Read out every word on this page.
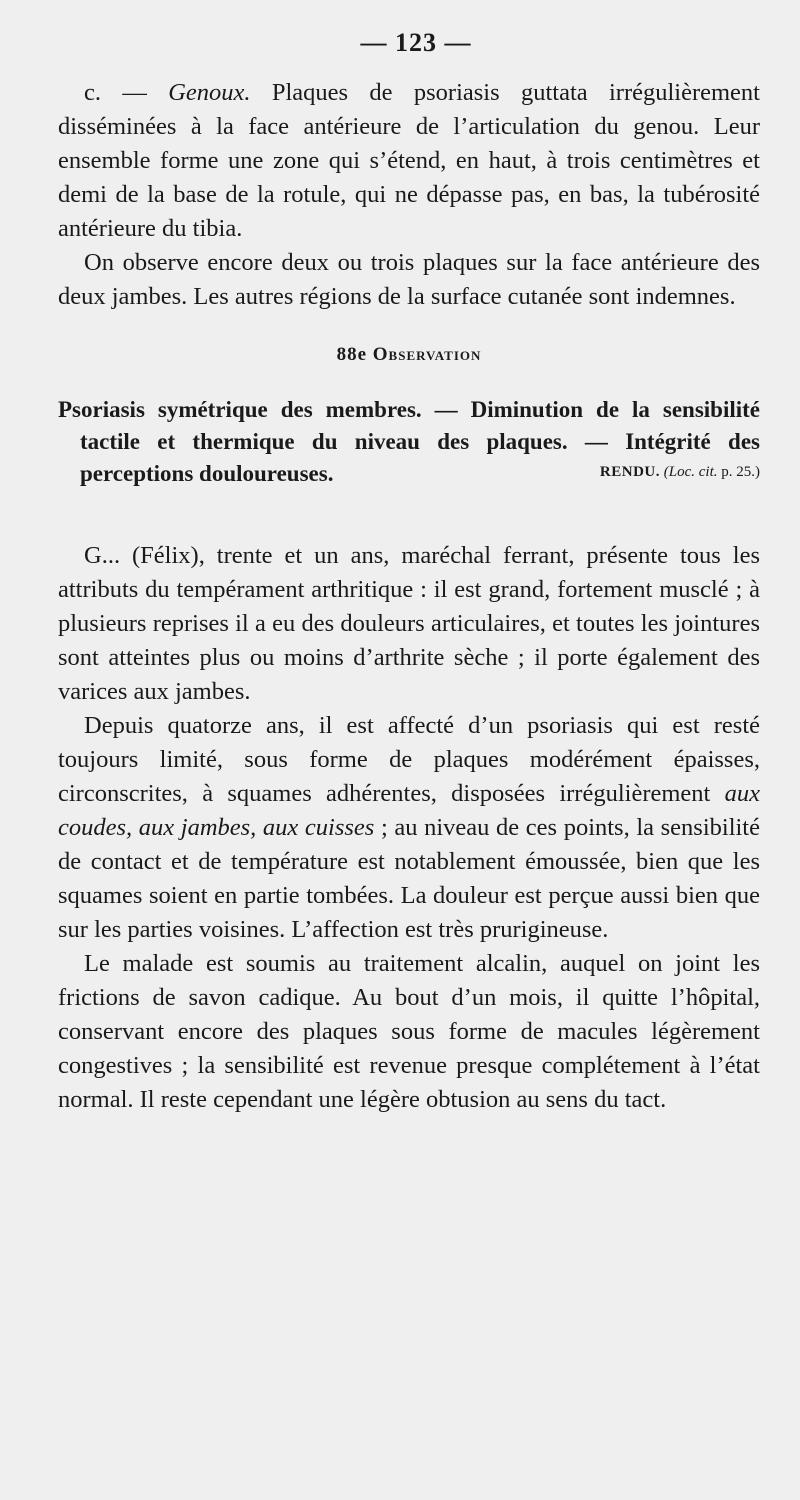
— 123 —

c. — Genoux. Plaques de psoriasis guttata irrégulièrement disséminées à la face antérieure de l’articulation du genou. Leur ensemble forme une zone qui s’étend, en haut, à trois centimètres et demi de la base de la rotule, qui ne dépasse pas, en bas, la tubérosité antérieure du tibia.

On observe encore deux ou trois plaques sur la face antérieure des deux jambes. Les autres régions de la surface cutanée sont indemnes.

88e Observation

Psoriasis symétrique des membres. — Diminution de la sensibilité tactile et thermique du niveau des plaques. — Intégrité des perceptions douloureuses.	RENDU. (Loc. cit. p. 25.)

G... (Félix), trente et un ans, maréchal ferrant, présente tous les attributs du tempérament arthritique : il est grand, fortement musclé ; à plusieurs reprises il a eu des douleurs articulaires, et toutes les jointures sont atteintes plus ou moins d’arthrite sèche ; il porte également des varices aux jambes.

Depuis quatorze ans, il est affecté d’un psoriasis qui est resté toujours limité, sous forme de plaques modérément épaisses, circonscrites, à squames adhérentes, disposées irrégulièrement aux coudes, aux jambes, aux cuisses ; au niveau de ces points, la sensibilité de contact et de température est notablement émoussée, bien que les squames soient en partie tombées. La douleur est perçue aussi bien que sur les parties voisines. L’affection est très prurigineuse.

Le malade est soumis au traitement alcalin, auquel on joint les frictions de savon cadique. Au bout d’un mois, il quitte l’hôpital, conservant encore des plaques sous forme de macules légèrement congestives ; la sensibilité est revenue presque complétement à l’état normal. Il reste cependant une légère obtusion au sens du tact.
